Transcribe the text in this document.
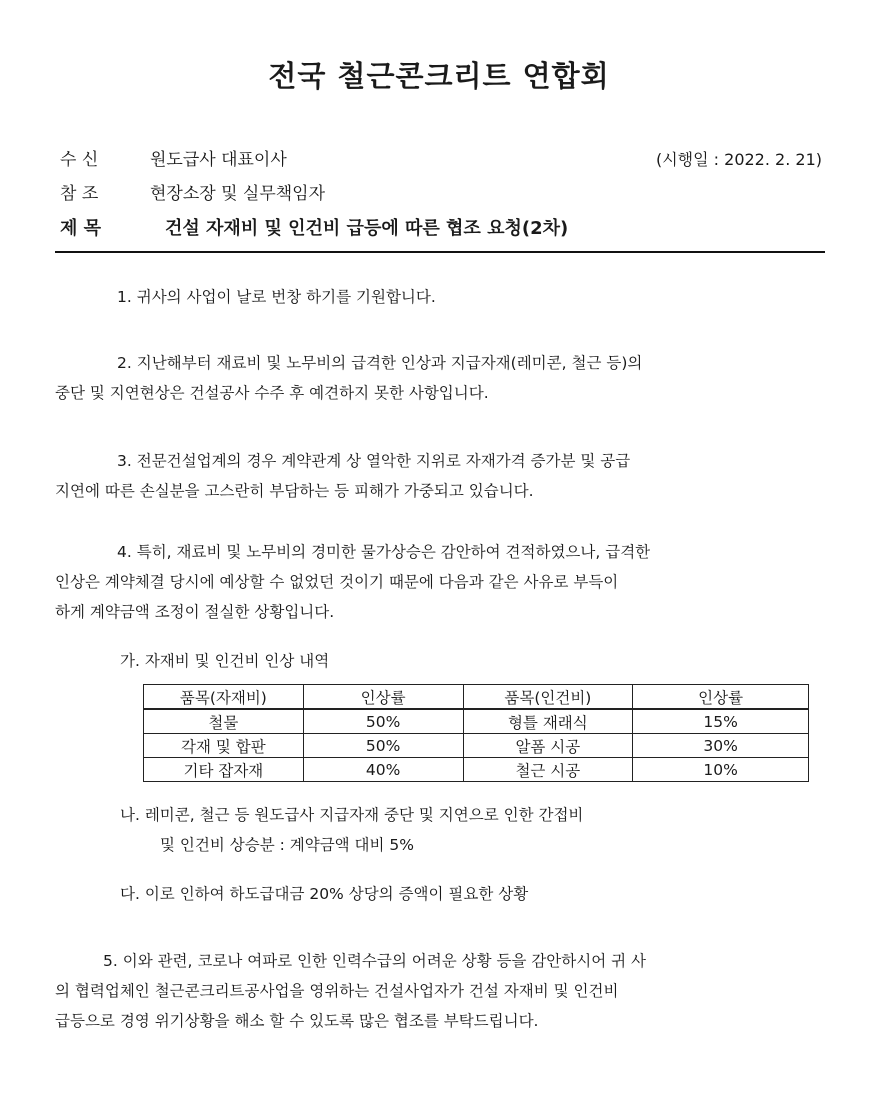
전국 철근콘크리트 연합회
수 신	원도급사 대표이사	(시행일 : 2022. 2. 21)
참 조	현장소장 및 실무책임자
제 목	건설 자재비 및 인건비 급등에 따른 협조 요청(2차)

1. 귀사의 사업이 날로 번창 하기를 기원합니다.

2. 지난해부터 재료비 및 노무비의 급격한 인상과 지급자재(레미콘, 철근 등)의

중단 및 지연현상은 건설공사 수주 후 예견하지 못한 사항입니다.

3. 전문건설업계의 경우 계약관계 상 열악한 지위로 자재가격 증가분 및 공급

지연에 따른 손실분을 고스란히 부담하는 등 피해가 가중되고 있습니다.

4. 특히, 재료비 및 노무비의 경미한 물가상승은 감안하여 견적하였으나, 급격한

인상은 계약체결 당시에 예상할 수 없었던 것이기 때문에 다음과 같은 사유로 부득이

하게 계약금액 조정이 절실한 상황입니다.

가. 자재비 및 인건비 인상 내역

품목(자재비)	인상률	품목(인건비)	인상률
철물	50%	형틀 재래식	15%
각재 및 합판	50%	알폼 시공	30%
기타 잡자재	40%	철근 시공	10%

나. 레미콘, 철근 등 원도급사 지급자재 중단 및 지연으로 인한 간접비

및 인건비 상승분 : 계약금액 대비 5%

다. 이로 인하여 하도급대금 20% 상당의 증액이 필요한 상황

5. 이와 관련, 코로나 여파로 인한 인력수급의 어려운 상황 등을 감안하시어 귀 사

의 협력업체인 철근콘크리트공사업을 영위하는 건설사업자가 건설 자재비 및 인건비

급등으로 경영 위기상황을 해소 할 수 있도록 많은 협조를 부탁드립니다.
